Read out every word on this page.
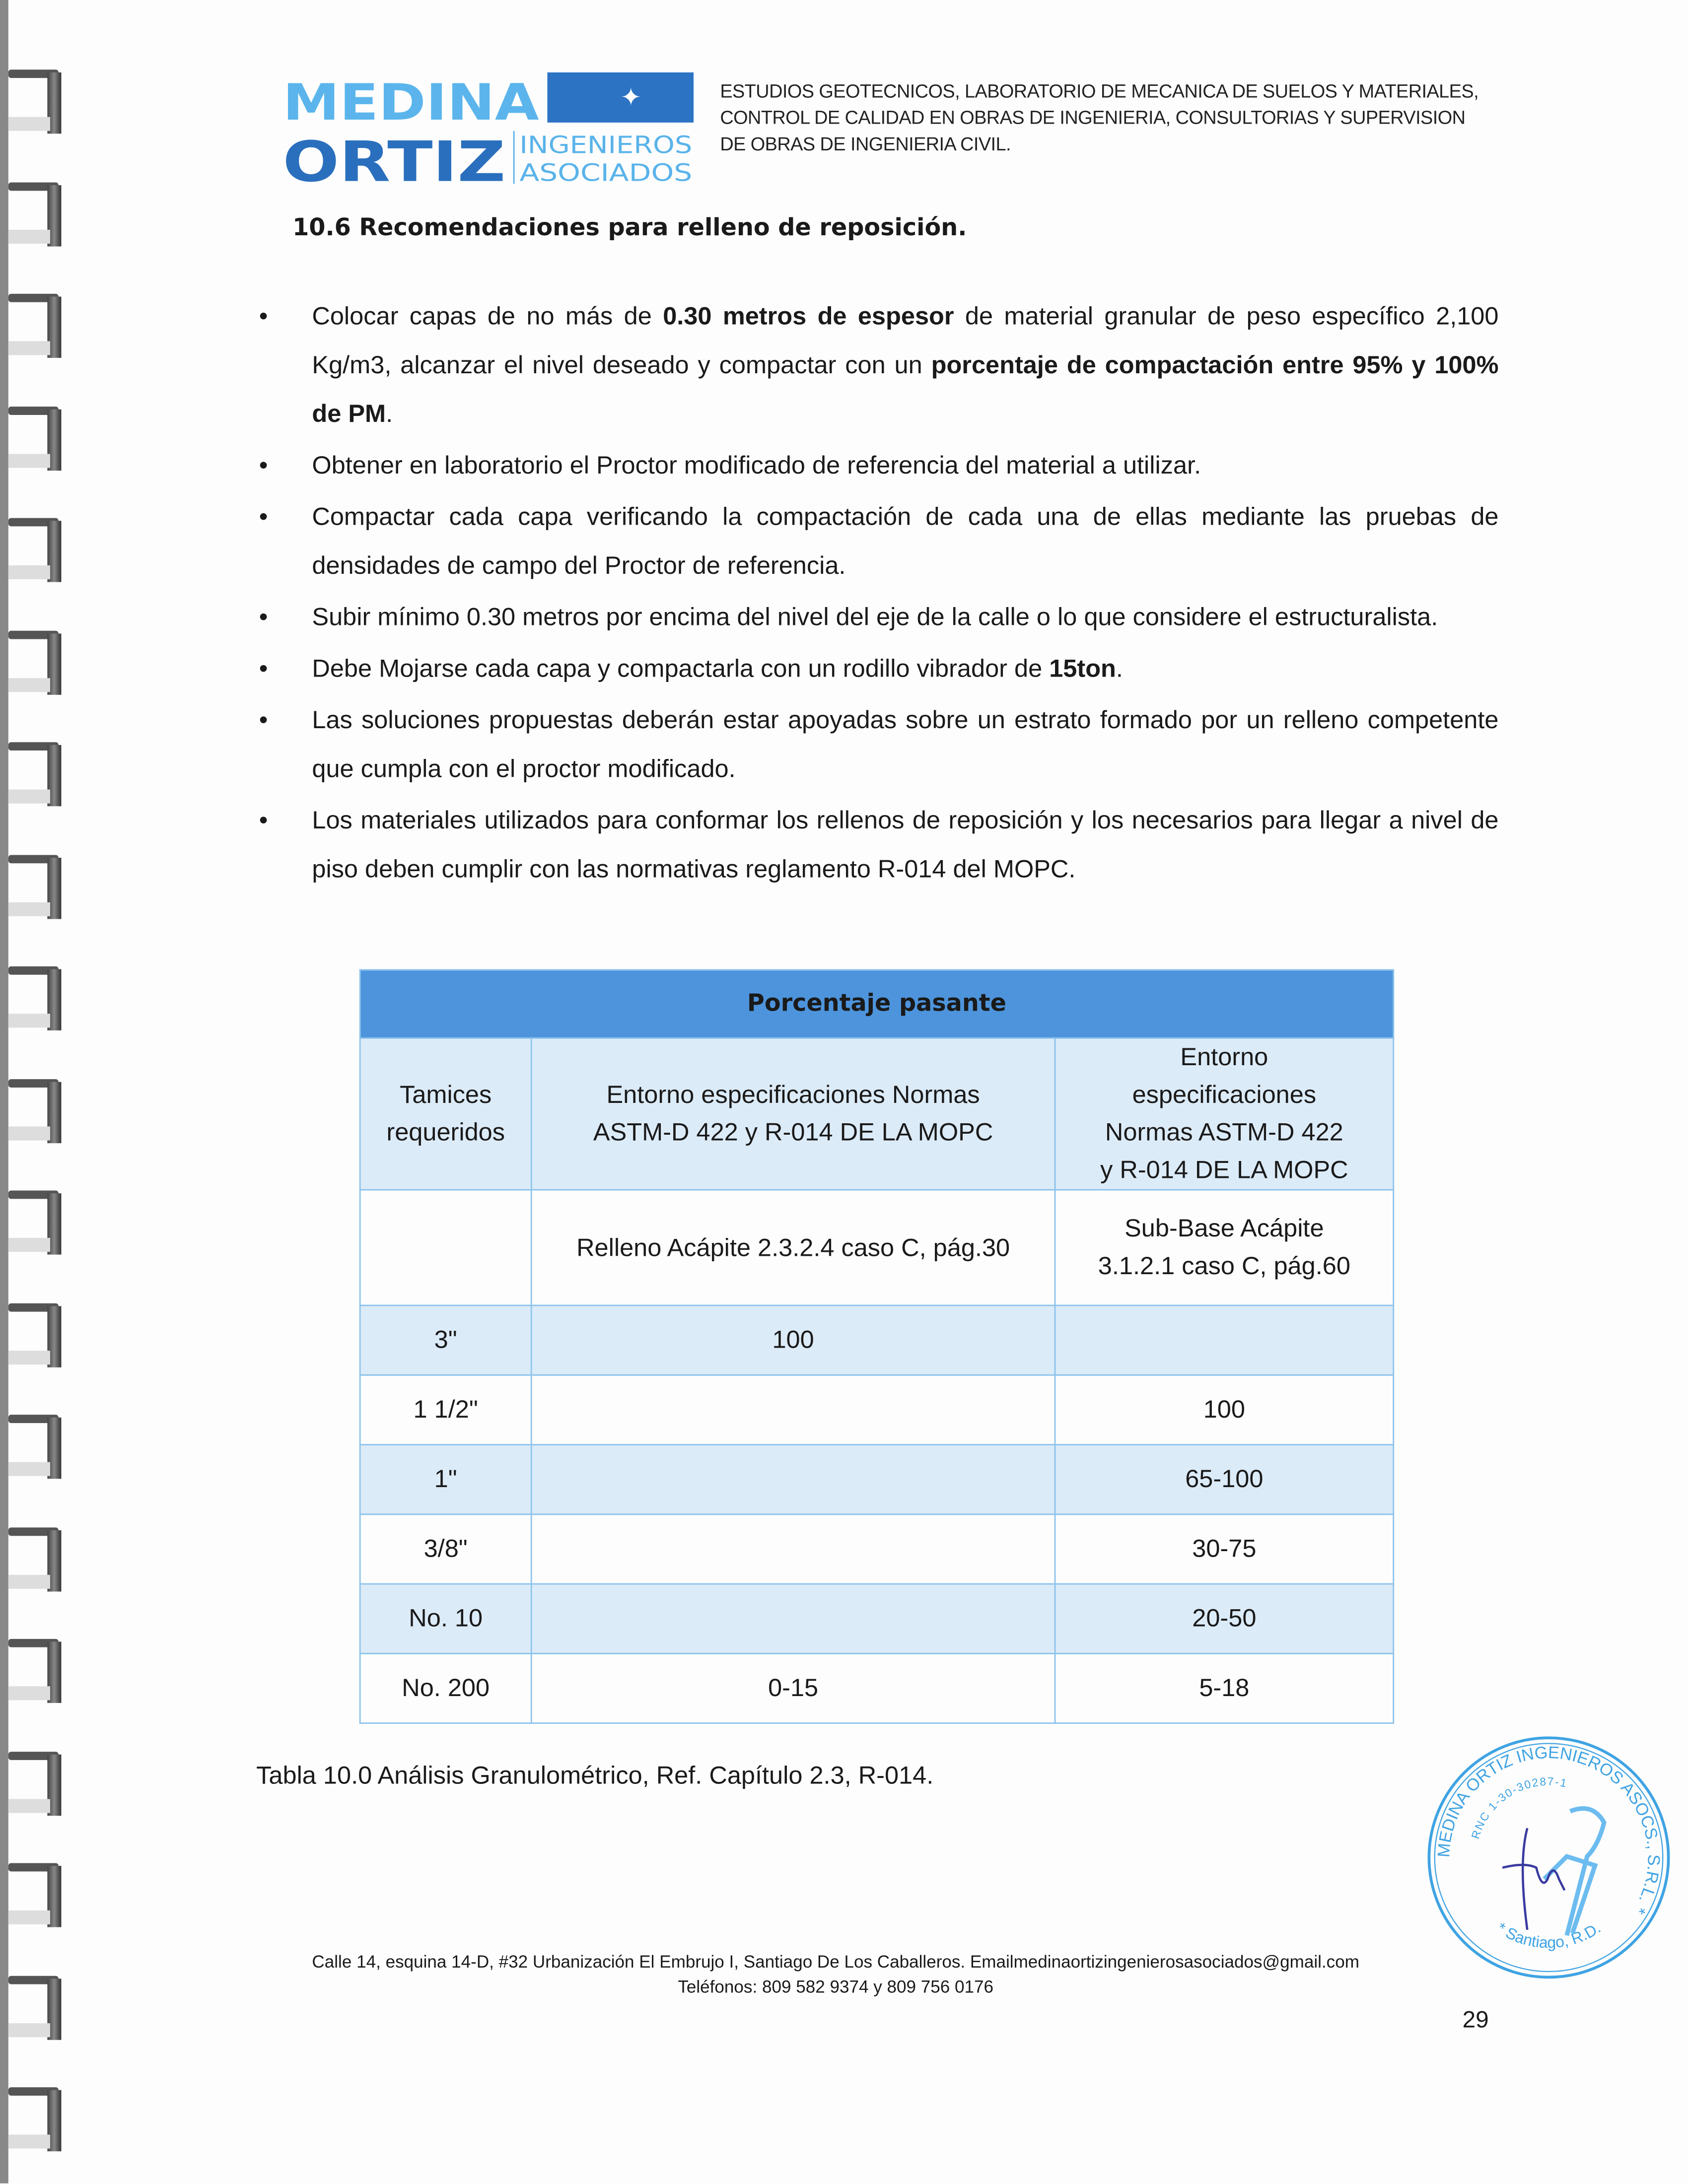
✦
MEDINA
ORTIZ INGENIEROS
ASOCIADOS
ESTUDIOS GEOTECNICOS, LABORATORIO DE MECANICA DE SUELOS Y MATERIALES,
CONTROL DE CALIDAD EN OBRAS DE INGENIERIA, CONSULTORIAS Y SUPERVISION
DE OBRAS DE INGENIERIA CIVIL.
10.6 Recomendaciones para relleno de reposición.
• Colocar capas de no más de 0.30 metros de espesor de material granular de peso específico 2,100 Kg/m3, alcanzar el nivel deseado y compactar con un porcentaje de compactación entre 95% y 100% de PM.
• Obtener en laboratorio el Proctor modificado de referencia del material a utilizar.
• Compactar cada capa verificando la compactación de cada una de ellas mediante las pruebas de densidades de campo del Proctor de referencia.
• Subir mínimo 0.30 metros por encima del nivel del eje de la calle o lo que considere el estructuralista.
• Debe Mojarse cada capa y compactarla con un rodillo vibrador de 15ton.
• Las soluciones propuestas deberán estar apoyadas sobre un estrato formado por un relleno competente que cumpla con el proctor modificado.
• Los materiales utilizados para conformar los rellenos de reposición y los necesarios para llegar a nivel de piso deben cumplir con las normativas reglamento R-014 del MOPC.
Porcentaje pasante		
Tamices requeridos	Entorno especificaciones Normas ASTM-D 422 y R-014 DE LA MOPC	Entorno especificaciones Normas ASTM-D 422 y R-014 DE LA MOPC
	Relleno Acápite 2.3.2.4 caso C, pág.30	Sub-Base Acápite 3.1.2.1 caso C, pág.60
3"	100	
1 1/2"		100
1"		65-100
3/8"		30-75
No. 10		20-50
No. 200	0-15	5-18
Tabla 10.0 Análisis Granulométrico, Ref. Capítulo 2.3, R-014.
MEDINA ORTIZ INGENIEROS ASOCS., S.R.L. *
RNC 1-30-30287-1
* Santiago, R.D.
Calle 14, esquina 14-D, #32 Urbanización El Embrujo I, Santiago De Los Caballeros. Emailmedinaortizingenierosasociados@gmail.com
Teléfonos: 809 582 9374 y 809 756 0176
29
